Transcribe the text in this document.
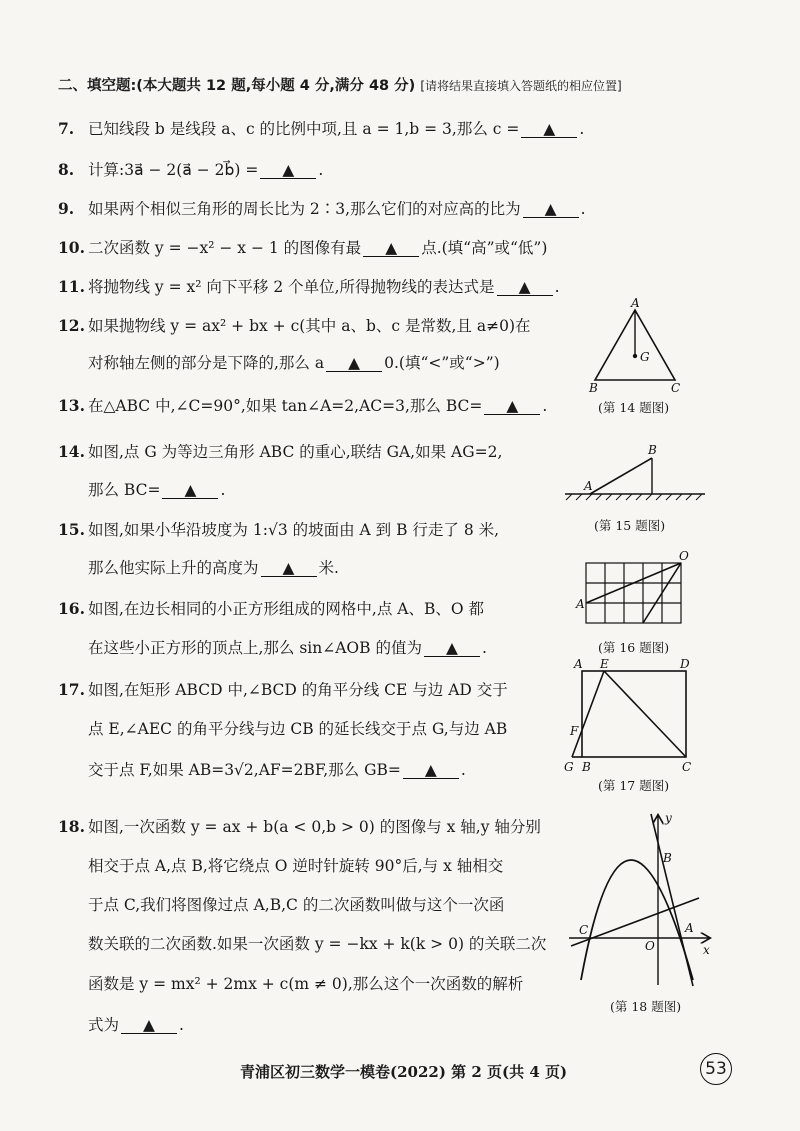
二、填空题:(本大题共 12 题,每小题 4 分,满分 48 分) [请将结果直接填入答题纸的相应位置]
7. 已知线段 b 是线段 a、c 的比例中项,且 a = 1,b = 3,那么 c = ▲ .
8. 计算:3a⃗ − 2(a⃗ − 2b⃗) = ▲ .
9. 如果两个相似三角形的周长比为 2∶3,那么它们的对应高的比为 ▲ .
10. 二次函数 y = −x² − x − 1 的图像有最 ▲ 点.(填“高”或“低”)
11. 将抛物线 y = x² 向下平移 2 个单位,所得抛物线的表达式是 ▲ .
12. 如果抛物线 y = ax² + bx + c(其中 a、b、c 是常数,且 a≠0)在
对称轴左侧的部分是下降的,那么 a ▲ 0.(填“<”或“>”)
13. 在△ABC 中,∠C=90°,如果 tan∠A=2,AC=3,那么 BC= ▲ .
14. 如图,点 G 为等边三角形 ABC 的重心,联结 GA,如果 AG=2,
那么 BC= ▲ .
15. 如图,如果小华沿坡度为 1:√3 的坡面由 A 到 B 行走了 8 米,
那么他实际上升的高度为 ▲ 米.
16. 如图,在边长相同的小正方形组成的网格中,点 A、B、O 都
在这些小正方形的顶点上,那么 sin∠AOB 的值为 ▲ .
17. 如图,在矩形 ABCD 中,∠BCD 的角平分线 CE 与边 AD 交于
点 E,∠AEC 的角平分线与边 CB 的延长线交于点 G,与边 AB
交于点 F,如果 AB=3√2,AF=2BF,那么 GB= ▲ .
18. 如图,一次函数 y = ax + b(a < 0,b > 0) 的图像与 x 轴,y 轴分别
相交于点 A,点 B,将它绕点 O 逆时针旋转 90°后,与 x 轴相交
于点 C,我们将图像过点 A,B,C 的二次函数叫做与这个一次函
数关联的二次函数.如果一次函数 y = −kx + k(k > 0) 的关联二次
函数是 y = mx² + 2mx + c(m ≠ 0),那么这个一次函数的解析
式为 ▲ .
A
G
B	C
(第 14 题图)
A
B
(第 15 题图)
A
O
(第 16 题图)
A E	D
F
G B	C
(第 17 题图)
y
B
C
O
A
x
(第 18 题图)
青浦区初三数学一模卷(2022) 第 2 页(共 4 页)	53
